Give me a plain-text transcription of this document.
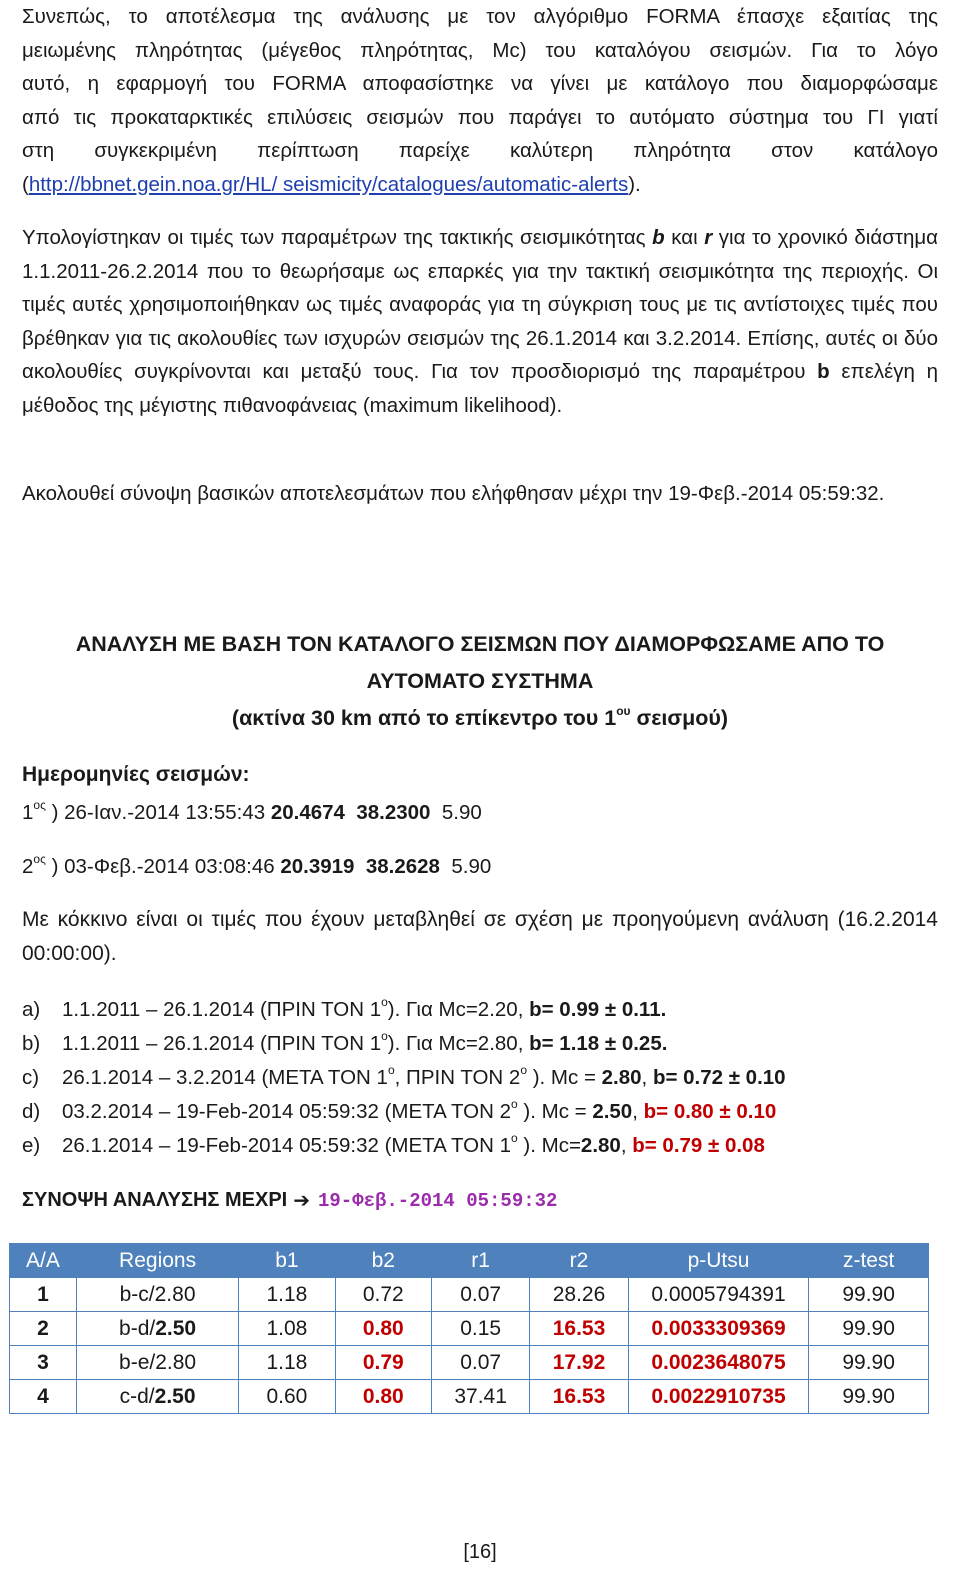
Συνεπώς, το αποτέλεσμα της ανάλυσης με τον αλγόριθμο FORMA έπασχε εξαιτίας της

μειωμένης πληρότητας (μέγεθος πληρότητας, Mc) του καταλόγου σεισμών. Για το λόγο

αυτό, η εφαρμογή του FORMA αποφασίστηκε να γίνει με κατάλογο που διαμορφώσαμε

από τις προκαταρκτικές επιλύσεις σεισμών που παράγει το αυτόματο σύστημα του ΓΙ γιατί

στη συγκεκριμένη περίπτωση παρείχε καλύτερη πληρότητα στον κατάλογο

(http://bbnet.gein.noa.gr/HL/ seismicity/catalogues/automatic-alerts).

Υπολογίστηκαν οι τιμές των παραμέτρων της τακτικής σεισμικότητας b και r για το χρονικό διάστημα 1.1.2011-26.2.2014 που το θεωρήσαμε ως επαρκές για την τακτική σεισμικότητα της περιοχής. Οι τιμές αυτές χρησιμοποιήθηκαν ως τιμές αναφοράς για τη σύγκριση τους με τις αντίστοιχες τιμές που βρέθηκαν για τις ακολουθίες των ισχυρών σεισμών της 26.1.2014 και 3.2.2014. Επίσης, αυτές οι δύο ακολουθίες συγκρίνονται και μεταξύ τους. Για τον προσδιορισμό της παραμέτρου b επελέγη η μέθοδος της μέγιστης πιθανοφάνειας (maximum likelihood).

Ακολουθεί σύνοψη βασικών αποτελεσμάτων που ελήφθησαν μέχρι την 19-Φεβ.-2014 05:59:32.

ΑΝΑΛΥΣΗ ΜΕ ΒΑΣΗ ΤΟΝ ΚΑΤΑΛΟΓΟ ΣΕΙΣΜΩΝ ΠΟΥ ΔΙΑΜΟΡΦΩΣΑΜΕ ΑΠΟ ΤΟ

ΑΥΤΟΜΑΤΟ ΣΥΣΤΗΜΑ

(ακτίνα 30 km από το επίκεντρο του $1^{o\upsilon}$ σεισμού)

Ημερομηνίες σεισμών:

$1^{o\varsigma}$ ) 26-Ιαν.-2014 13:55:43 20.4674 38.2300 5.90

$2^{o\varsigma}$ ) 03-Φεβ.-2014 03:08:46 20.3919 38.2628 5.90

Με κόκκινο είναι οι τιμές που έχουν μεταβληθεί σε σχέση με προηγούμενη ανάλυση (16.2.2014 00:00:00).

a)	1.1.2011 – 26.1.2014 (ΠΡΙΝ ΤΟΝ $1^o$). Για Mc=2.20, b= 0.99 ± 0.11.
b)	1.1.2011 – 26.1.2014 (ΠΡΙΝ ΤΟΝ $1^o$). Για Mc=2.80, b= 1.18 ± 0.25.
c)	26.1.2014 – 3.2.2014 (ΜΕΤΑ ΤΟΝ $1^o$, ΠΡΙΝ ΤΟΝ $2^o$ ). Mc = 2.80, b= 0.72 ± 0.10
d)	03.2.2014 – 19-Feb-2014 05:59:32 (ΜΕΤΑ ΤΟΝ $2^o$ ). Mc = 2.50, b= 0.80 ± 0.10
e)	26.1.2014 – 19-Feb-2014 05:59:32 (ΜΕΤΑ ΤΟΝ $1^o$ ). Mc=2.80, b= 0.79 ± 0.08
ΣΥΝΟΨΗ ΑΝΑΛΥΣΗΣ ΜΕΧΡΙ ➔ 19-Φεβ.-2014 05:59:32
A/A	Regions	b1	b2	r1	r2	p-Utsu	z-test
1	b-c/2.80	1.18	0.72	0.07	28.26	0.0005794391	99.90
2	b-d/2.50	1.08	0.80	0.15	16.53	0.0033309369	99.90
3	b-e/2.80	1.18	0.79	0.07	17.92	0.0023648075	99.90
4	c-d/2.50	0.60	0.80	37.41	16.53	0.0022910735	99.90
[16]
